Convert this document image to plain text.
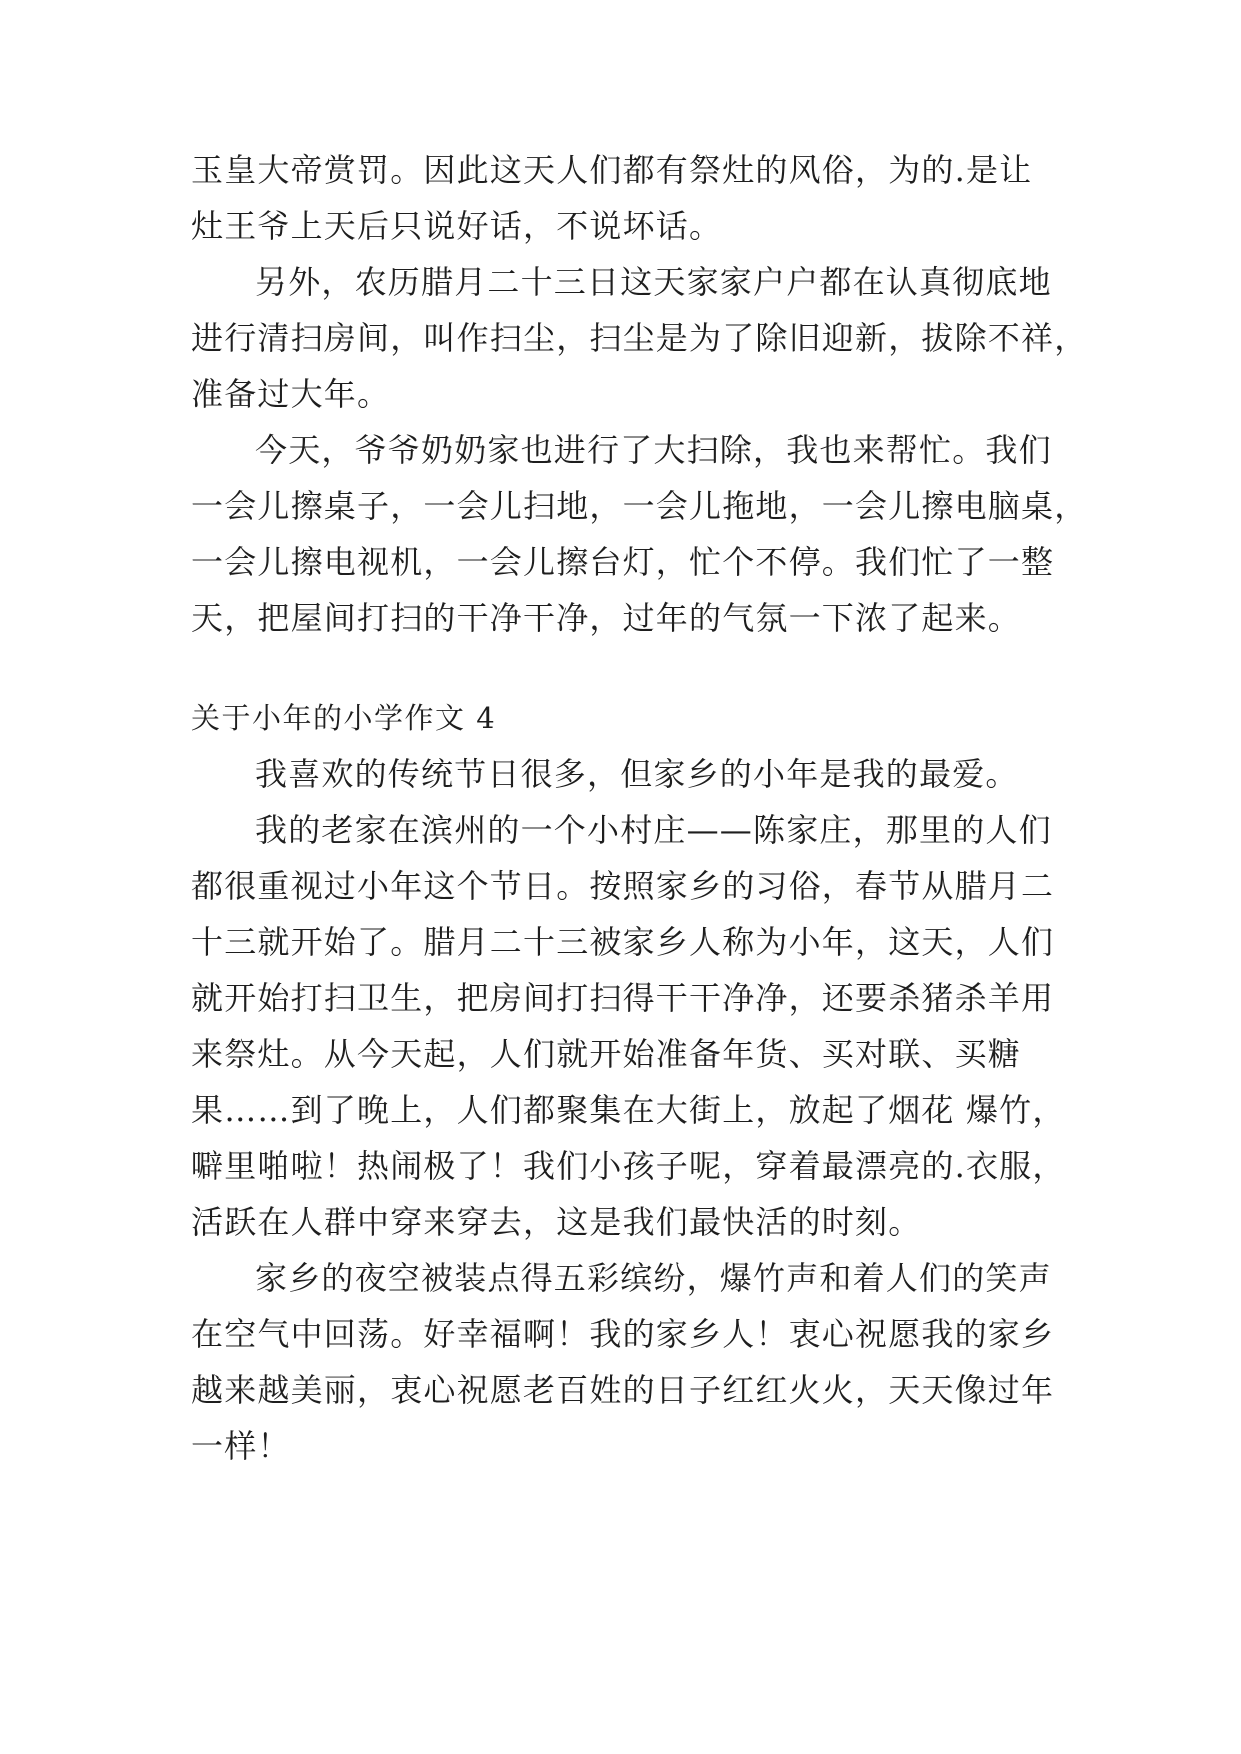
玉皇大帝赏罚。因此这天人们都有祭灶的风俗，为的.是让
灶王爷上天后只说好话，不说坏话。
另外，农历腊月二十三日这天家家户户都在认真彻底地
进行清扫房间，叫作扫尘，扫尘是为了除旧迎新，拔除不祥，
准备过大年。
今天，爷爷奶奶家也进行了大扫除，我也来帮忙。我们
一会儿擦桌子，一会儿扫地，一会儿拖地，一会儿擦电脑桌，
一会儿擦电视机，一会儿擦台灯，忙个不停。我们忙了一整
天，把屋间打扫的干净干净，过年的气氛一下浓了起来。
关于小年的小学作文 4
我喜欢的传统节日很多，但家乡的小年是我的最爱。
我的老家在滨州的一个小村庄——陈家庄，那里的人们
都很重视过小年这个节日。按照家乡的习俗，春节从腊月二
十三就开始了。腊月二十三被家乡人称为小年，这天，人们
就开始打扫卫生，把房间打扫得干干净净，还要杀猪杀羊用
来祭灶。从今天起，人们就开始准备年货、买对联、买糖
果……到了晚上，人们都聚集在大街上，放起了烟花 爆竹，
噼里啪啦！热闹极了！我们小孩子呢，穿着最漂亮的.衣服，
活跃在人群中穿来穿去，这是我们最快活的时刻。
家乡的夜空被装点得五彩缤纷，爆竹声和着人们的笑声
在空气中回荡。好幸福啊！我的家乡人！衷心祝愿我的家乡
越来越美丽，衷心祝愿老百姓的日子红红火火，天天像过年
一样！
